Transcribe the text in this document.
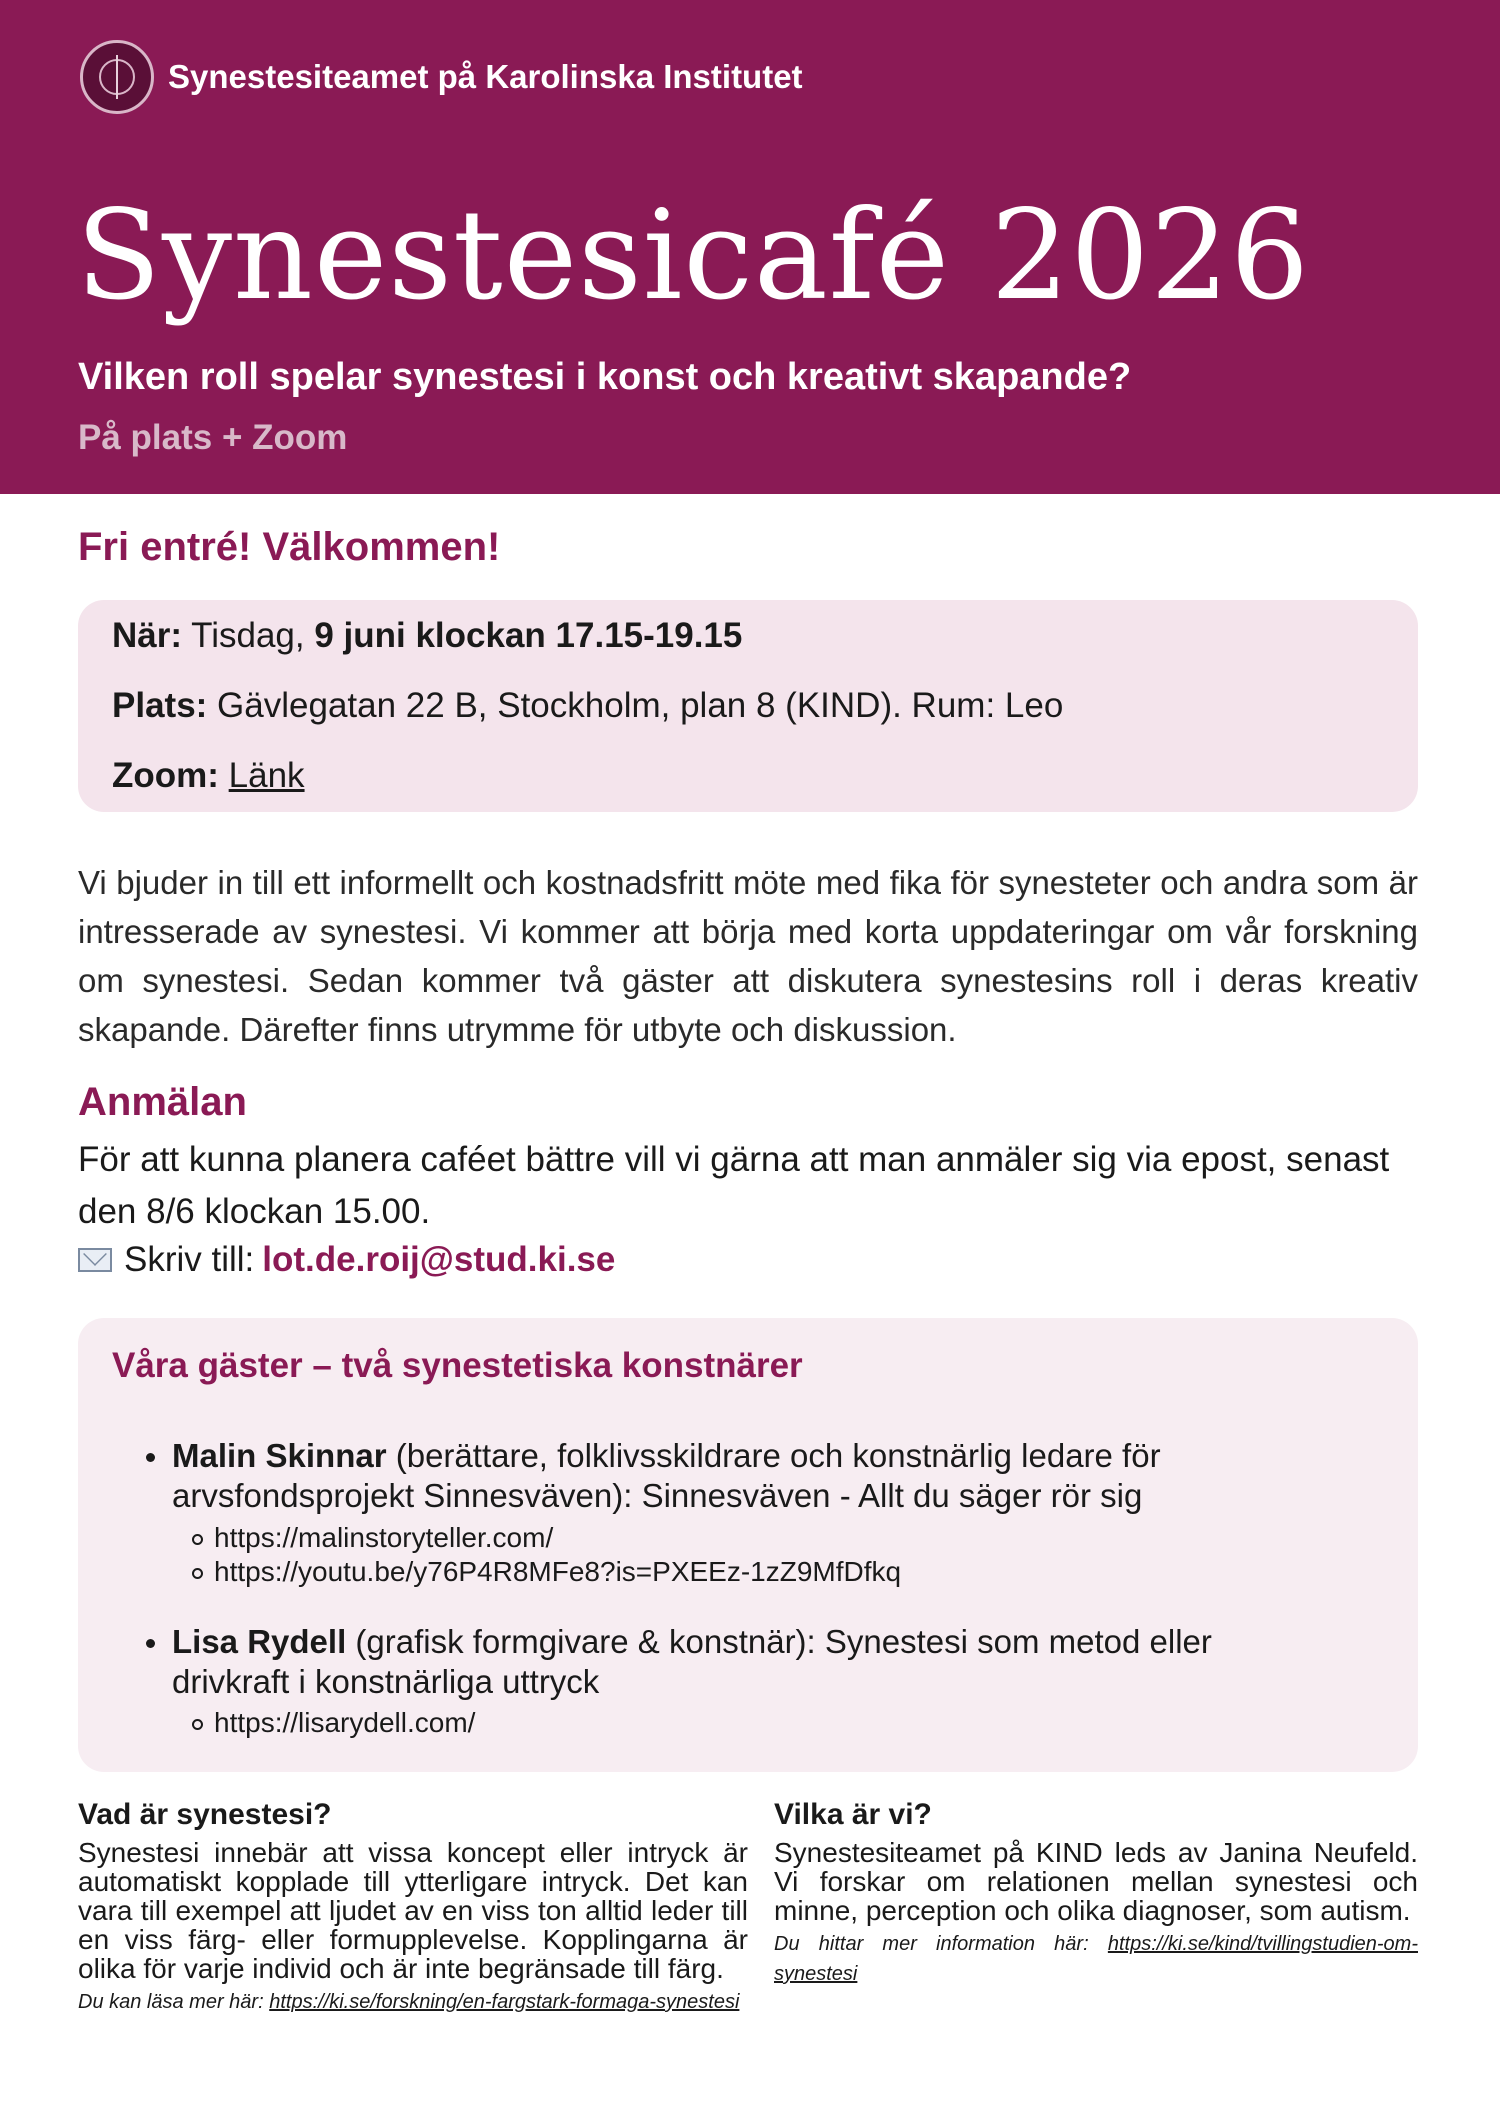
Synestesiteamet på Karolinska Institutet
Synestesicafé 2026
Vilken roll spelar synestesi i konst och kreativt skapande?
På plats + Zoom
Fri entré! Välkommen!
När: Tisdag, 9 juni klockan 17.15-19.15
Plats: Gävlegatan 22 B, Stockholm, plan 8 (KIND). Rum: Leo
Zoom: Länk
Vi bjuder in till ett informellt och kostnadsfritt möte med fika för synesteter och andra som är intresserade av synestesi. Vi kommer att börja med korta uppdateringar om vår forskning om synestesi. Sedan kommer två gäster att diskutera synestesins roll i deras kreativ skapande. Därefter finns utrymme för utbyte och diskussion.
Anmälan
För att kunna planera caféet bättre vill vi gärna att man anmäler sig via epost, senast den 8/6 klockan 15.00.
Skriv till: lot.de.roij@stud.ki.se
Våra gäster – två synestetiska konstnärer
Malin Skinnar (berättare, folklivsskildrare och konstnärlig ledare för arvsfondsprojekt Sinnesväven): Sinnesväven - Allt du säger rör sig
https://malinstoryteller.com/
https://youtu.be/y76P4R8MFe8?is=PXEEz-1zZ9MfDfkq
Lisa Rydell (grafisk formgivare & konstnär): Synestesi som metod eller drivkraft i konstnärliga uttryck
https://lisarydell.com/
Vad är synestesi?
Synestesi innebär att vissa koncept eller intryck är automatiskt kopplade till ytterligare intryck. Det kan vara till exempel att ljudet av en viss ton alltid leder till en viss färg- eller formupplevelse. Kopplingarna är olika för varje individ och är inte begränsade till färg.
Du kan läsa mer här: https://ki.se/forskning/en-fargstark-formaga-synestesi
Vilka är vi?
Synestesiteamet på KIND leds av Janina Neufeld. Vi forskar om relationen mellan synestesi och minne, perception och olika diagnoser, som autism.
Du hittar mer information här: https://ki.se/kind/tvillingstudien-om-synestesi
